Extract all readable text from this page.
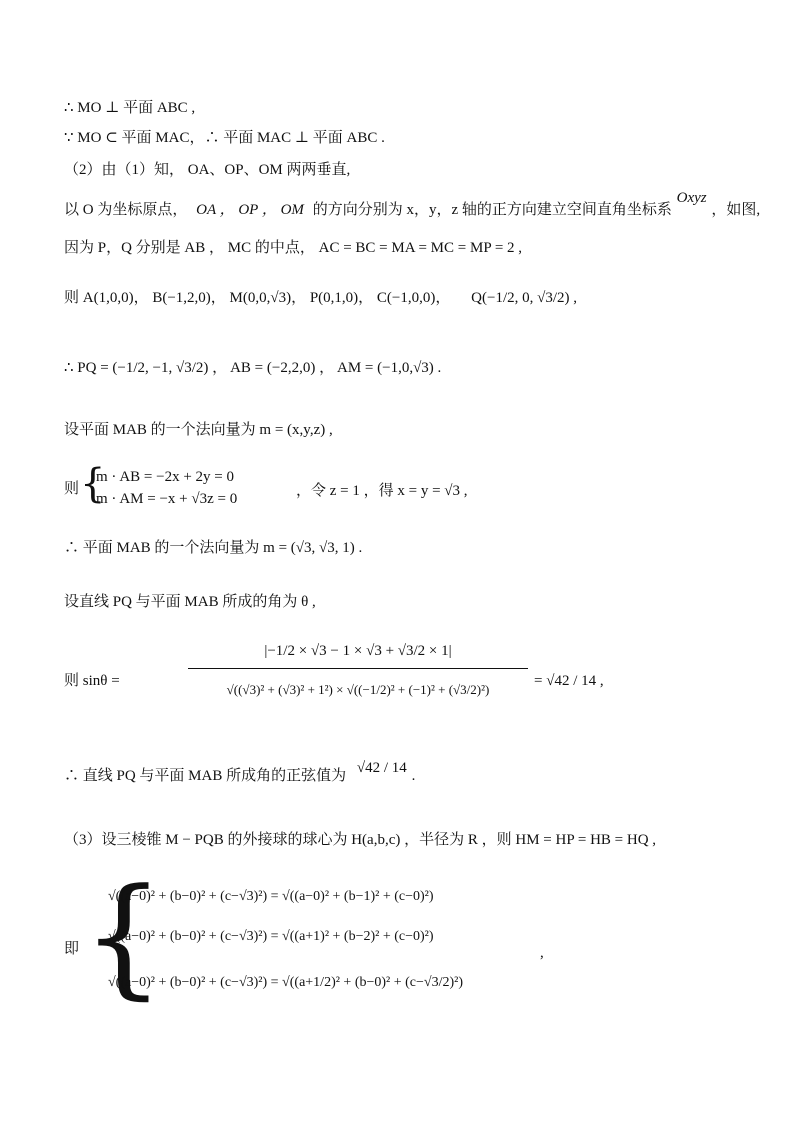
∴ MO ⊥ 平面 ABC ,
∵ MO ⊂ 平面 MAC，∴ 平面 MAC ⊥ 平面 ABC .
（2）由（1）知， OA、OP、OM 两两垂直,
以 O 为坐标原点， OA ， OP ， OM 的方向分别为 x，y，z 轴的正方向建立空间直角坐标系 Oxyz ，如图,
因为 P，Q 分别是 AB ， MC 的中点， AC = BC = MA = MC = MP = 2 ,
则 A(1,0,0)， B(−1,2,0)， M(0,0,√3)， P(0,1,0)， C(−1,0,0)， Q(−1/2, 0, √3/2) ,
∴ PQ = (−1/2, −1, √3/2) ， AB = (−2,2,0) ， AM = (−1,0,√3) .
设平面 MAB 的一个法向量为 m = (x,y,z) ,
则 {
m · AB = −2x + 2y = 0
m · AM = −x + √3z = 0	，令 z = 1 ，得 x = y = √3 ,
∴ 平面 MAB 的一个法向量为 m = (√3, √3, 1) .
设直线 PQ 与平面 MAB 所成的角为 θ ,
则 sinθ =	$\frac{|-1/2 \times √3 - 1 \times √3 + √3/2 \times 1|}{\text{√((√3)² + (√3)² + 1²) × √((−1/2)² + (−1)² + (√3/2)²)}} = √42 / 14$ ,
∴ 直线 PQ 与平面 MAB 所成角的正弦值为 √42 / 14 .
（3）设三棱锥 M − PQB 的外接球的球心为 H(a,b,c) ，半径为 R ，则 HM = HP = HB = HQ ,
即 {
√((a−0)² + (b−0)² + (c−√3)²) = √((a−0)² + (b−1)² + (c−0)²)
√((a−0)² + (b−0)² + (c−√3)²) = √((a+1)² + (b−2)² + (c−0)²)
√((a−0)² + (b−0)² + (c−√3)²) = √((a+1/2)² + (b−0)² + (c−√3/2)²)
,
